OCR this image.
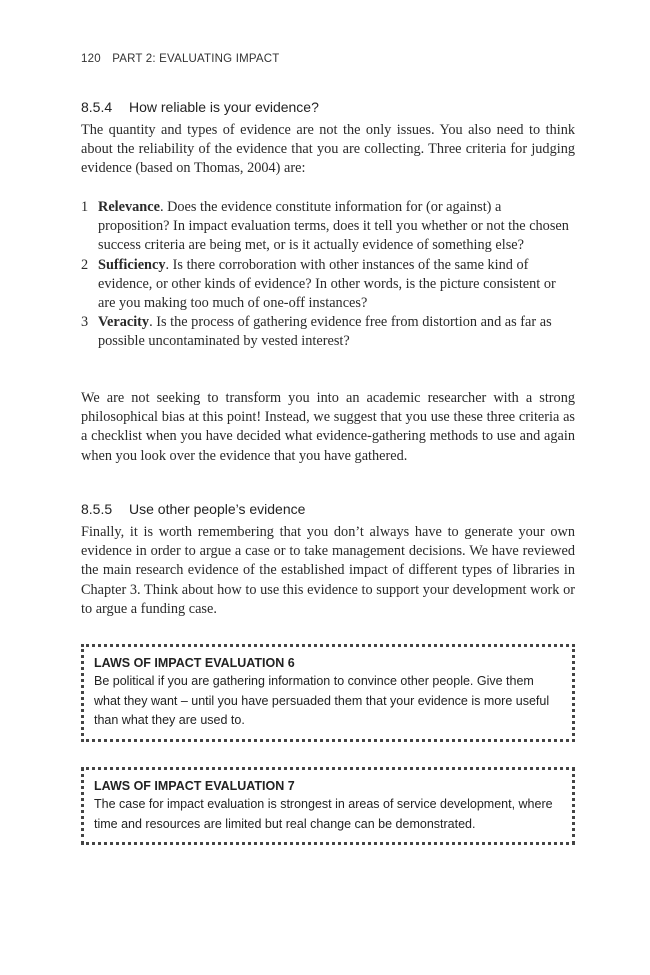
120 PART 2: EVALUATING IMPACT
8.5.4 How reliable is your evidence?

The quantity and types of evidence are not the only issues. You also need to think about the reliability of the evidence that you are collecting. Three criteria for judging evidence (based on Thomas, 2004) are:

1 Relevance. Does the evidence constitute information for (or against) a proposition? In impact evaluation terms, does it tell you whether or not the chosen success criteria are being met, or is it actually evidence of something else?
2 Sufficiency. Is there corroboration with other instances of the same kind of evidence, or other kinds of evidence? In other words, is the picture consistent or are you making too much of one-off instances?
3 Veracity. Is the process of gathering evidence free from distortion and as far as possible uncontaminated by vested interest?

We are not seeking to transform you into an academic researcher with a strong philosophical bias at this point! Instead, we suggest that you use these three criteria as a checklist when you have decided what evidence-gathering methods to use and again when you look over the evidence that you have gathered.

8.5.5 Use other people’s evidence

Finally, it is worth remembering that you don’t always have to generate your own evidence in order to argue a case or to take management decisions. We have reviewed the main research evidence of the established impact of different types of libraries in Chapter 3. Think about how to use this evidence to support your development work or to argue a funding case.

LAWS OF IMPACT EVALUATION 6
Be political if you are gathering information to convince other people. Give them what they want – until you have persuaded them that your evidence is more useful than what they are used to.
LAWS OF IMPACT EVALUATION 7
The case for impact evaluation is strongest in areas of service development, where time and resources are limited but real change can be demonstrated.
